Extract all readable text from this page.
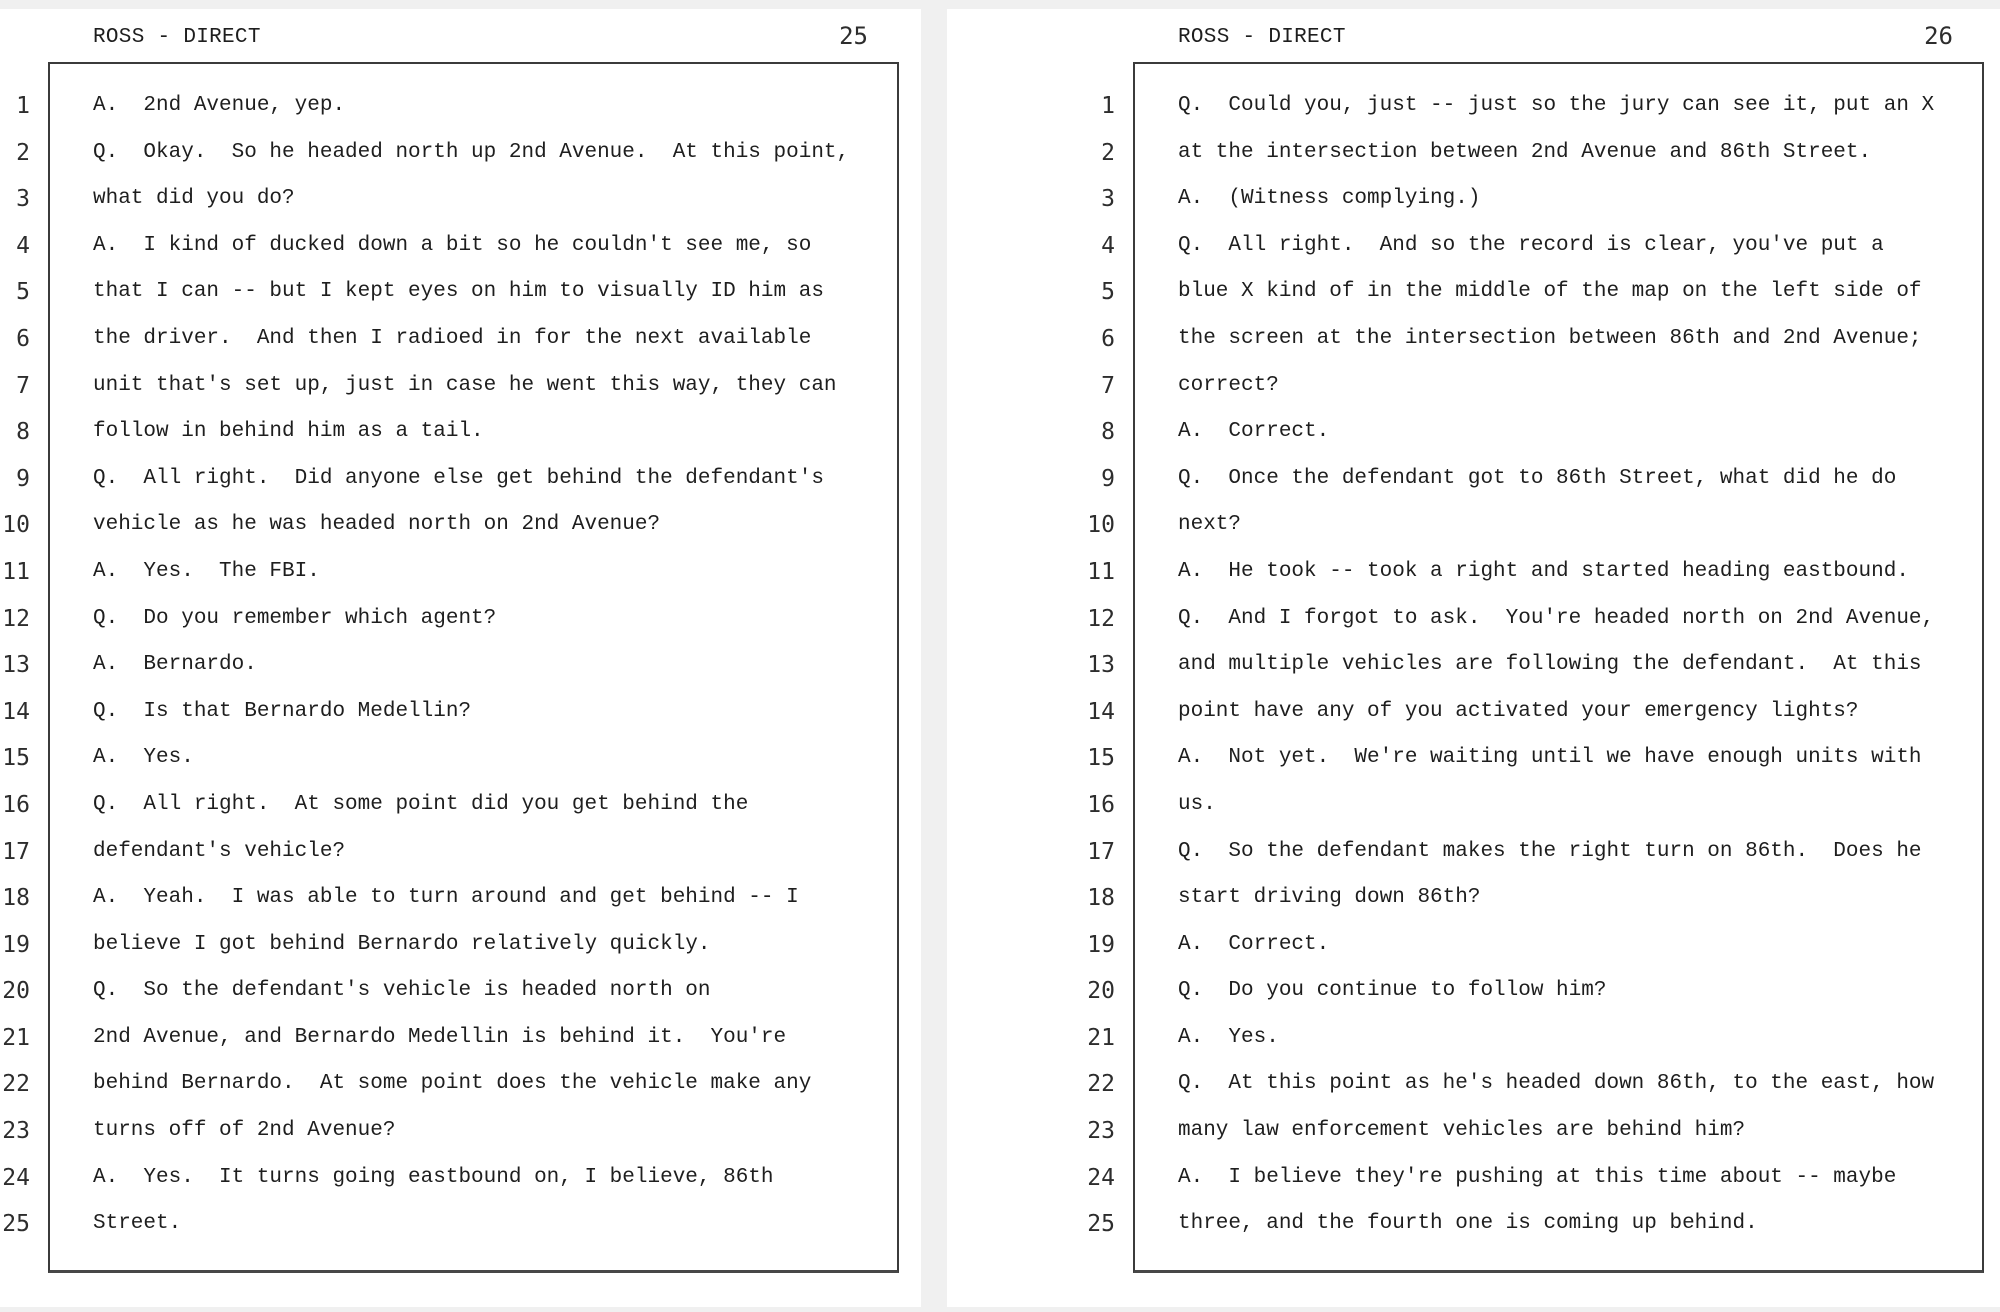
ROSS - DIRECT	25
1
2
3
4
5
6
7
8
9
10
11
12
13
14
15
16
17
18
19
20
21
22
23
24
25
A.  2nd Avenue, yep.
Q.  Okay.  So he headed north up 2nd Avenue.  At this point,
what did you do?
A.  I kind of ducked down a bit so he couldn't see me, so
that I can -- but I kept eyes on him to visually ID him as
the driver.  And then I radioed in for the next available
unit that's set up, just in case he went this way, they can
follow in behind him as a tail.
Q.  All right.  Did anyone else get behind the defendant's
vehicle as he was headed north on 2nd Avenue?
A.  Yes.  The FBI.
Q.  Do you remember which agent?
A.  Bernardo.
Q.  Is that Bernardo Medellin?
A.  Yes.
Q.  All right.  At some point did you get behind the
defendant's vehicle?
A.  Yeah.  I was able to turn around and get behind -- I
believe I got behind Bernardo relatively quickly.
Q.  So the defendant's vehicle is headed north on
2nd Avenue, and Bernardo Medellin is behind it.  You're
behind Bernardo.  At some point does the vehicle make any
turns off of 2nd Avenue?
A.  Yes.  It turns going eastbound on, I believe, 86th
Street.
ROSS - DIRECT	26
1
2
3
4
5
6
7
8
9
10
11
12
13
14
15
16
17
18
19
20
21
22
23
24
25
Q.  Could you, just -- just so the jury can see it, put an X
at the intersection between 2nd Avenue and 86th Street.
A.  (Witness complying.)
Q.  All right.  And so the record is clear, you've put a
blue X kind of in the middle of the map on the left side of
the screen at the intersection between 86th and 2nd Avenue;
correct?
A.  Correct.
Q.  Once the defendant got to 86th Street, what did he do
next?
A.  He took -- took a right and started heading eastbound.
Q.  And I forgot to ask.  You're headed north on 2nd Avenue,
and multiple vehicles are following the defendant.  At this
point have any of you activated your emergency lights?
A.  Not yet.  We're waiting until we have enough units with
us.
Q.  So the defendant makes the right turn on 86th.  Does he
start driving down 86th?
A.  Correct.
Q.  Do you continue to follow him?
A.  Yes.
Q.  At this point as he's headed down 86th, to the east, how
many law enforcement vehicles are behind him?
A.  I believe they're pushing at this time about -- maybe
three, and the fourth one is coming up behind.
